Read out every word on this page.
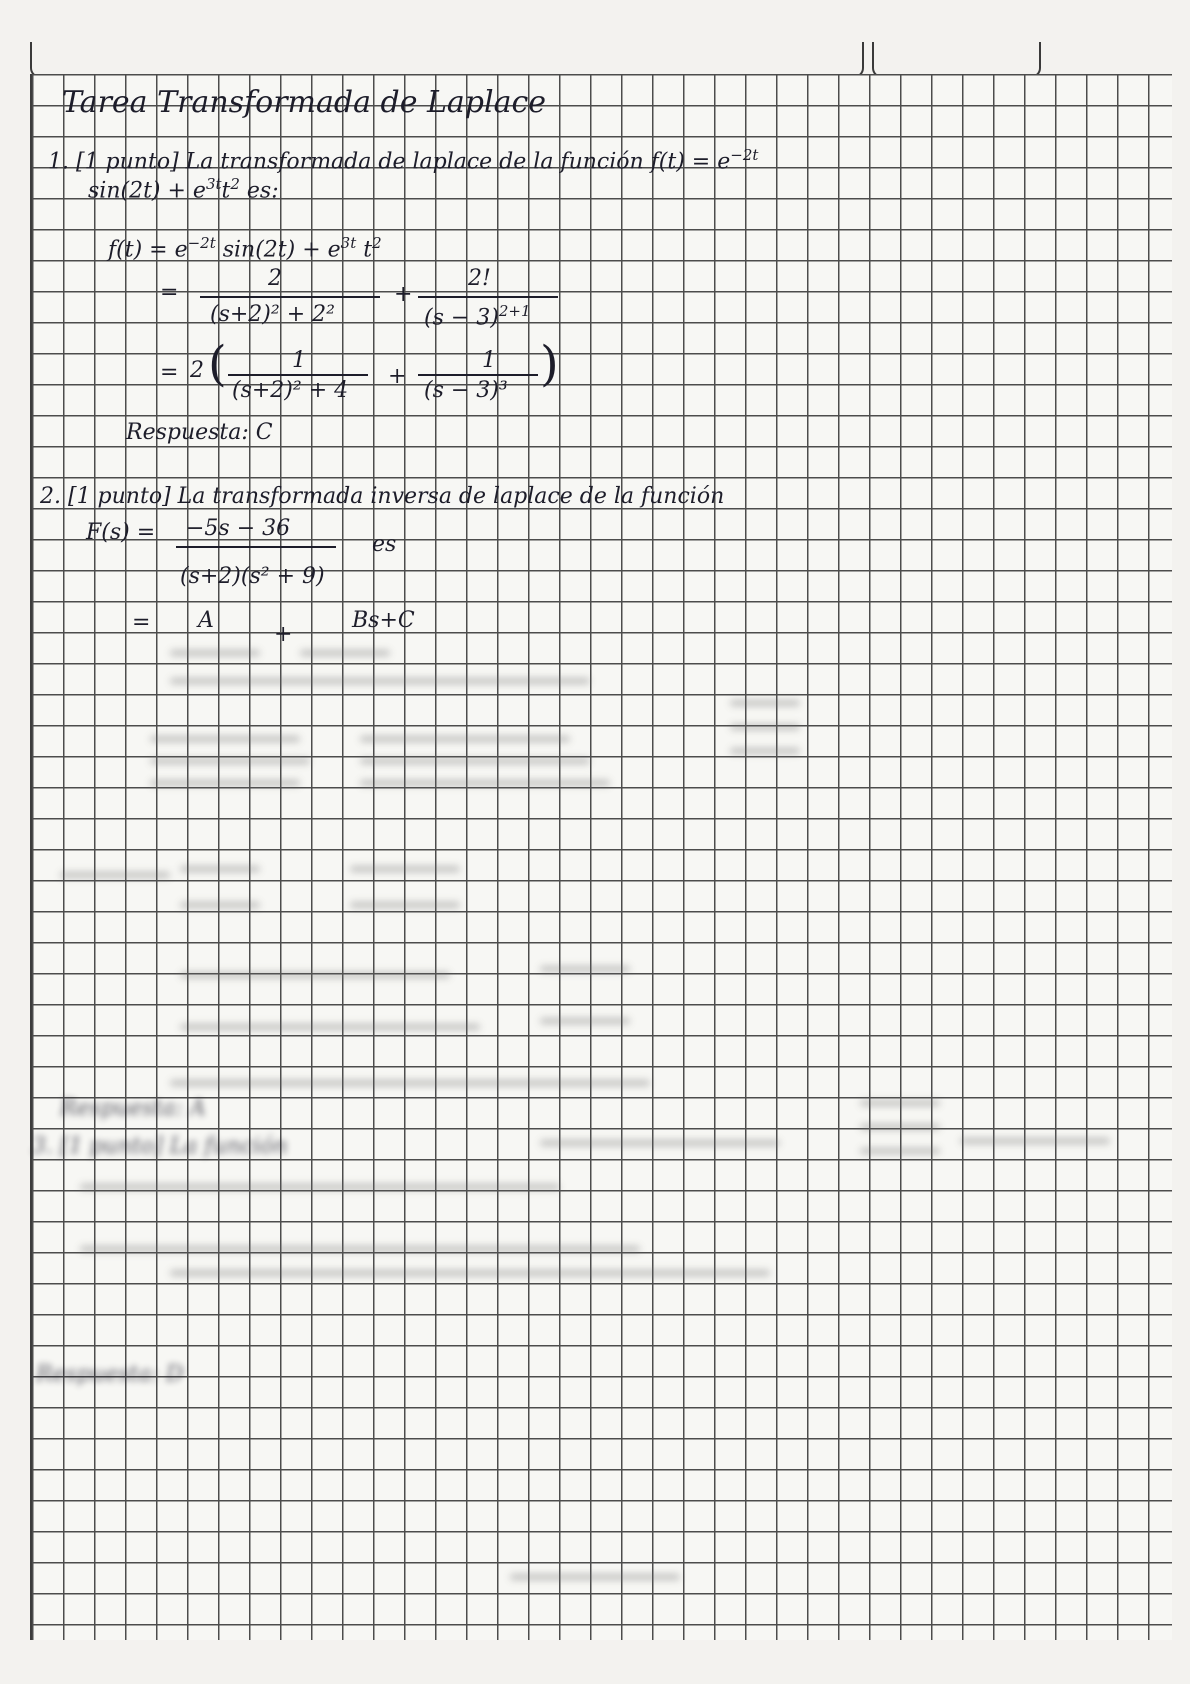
Tarea Transformada de Laplace
1. [1 punto] La transformada de laplace de la función $f(t) = e^{-2t}$
$\sin(2t) + e^{3t}t^2$ es:
$f(t) = e^{-2t}$ $\sin(2t) + e^{3t}$ $t^2$
=
2
(s+2)² + 2²
+
2!
$(s - 3)^{2+1}$
= 2 (	1
(s+2)² + 4
+
1
(s − 3)³ )
Respuesta: C
2. [1 punto] La transformada inversa de laplace de la función
F(s) = −5s − 36
(s+2)(s² + 9)
es
= A
+
Bs+C
Respuesta: A
3. [1 punto] La función
Respuesta: D
